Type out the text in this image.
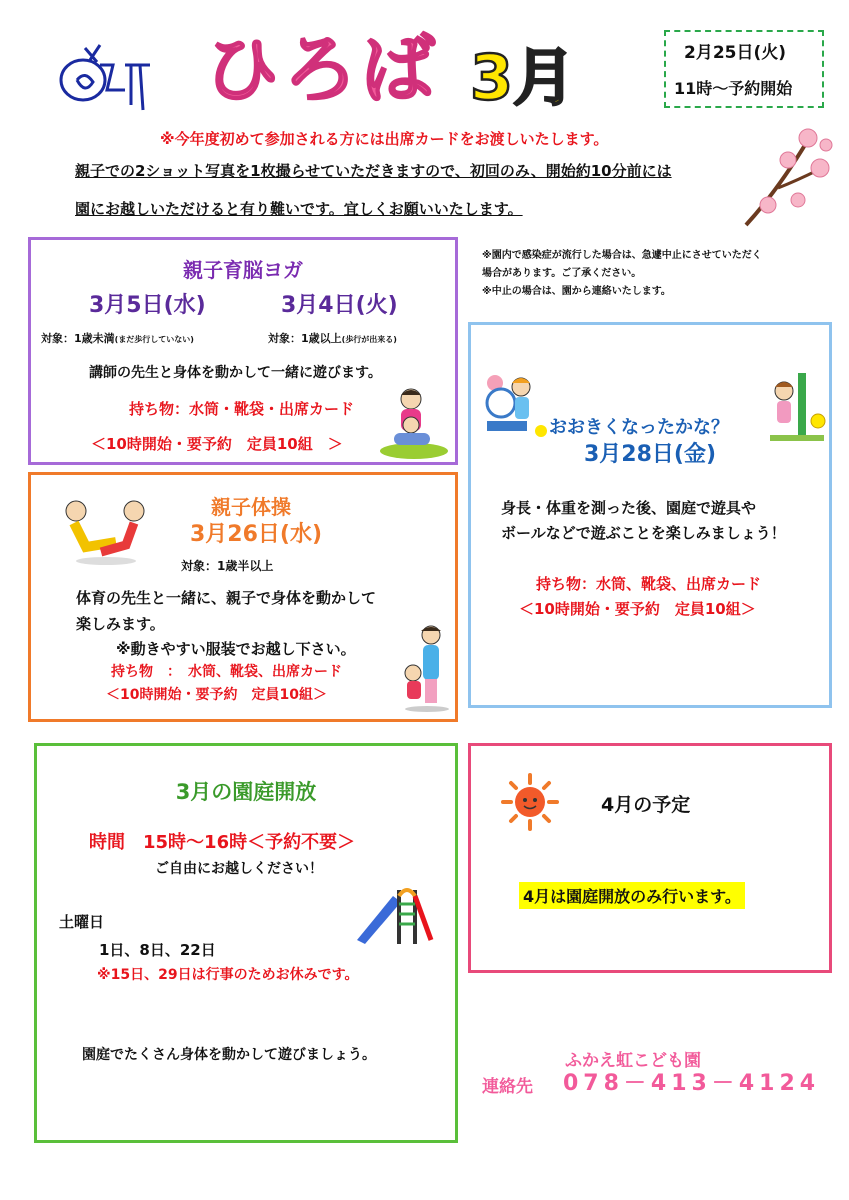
ひろば 3月	2月25日(火)
11時～予約開始
※今年度初めて参加される方には出席カードをお渡しいたします。
親子での2ショット写真を1枚撮らせていただきますので、初回のみ、開始約10分前には
園にお越しいただけると有り難いです。宜しくお願いいたします。
※園内で感染症が流行した場合は、急遽中止にさせていただく
場合があります。ご了承ください。
※中止の場合は、園から連絡いたします。
親子育脳ヨガ
3月5日(水)	3月4日(火)
対象：1歳未満(まだ歩行していない)	対象：1歳以上(歩行が出来る)
講師の先生と身体を動かして一緒に遊びます。
持ち物：水筒・靴袋・出席カード
＜10時開始・要予約　定員10組　＞
親子体操
3月26日(水)
対象：1歳半以上
体育の先生と一緒に、親子で身体を動かして
楽しみます。
※動きやすい服装でお越し下さい。
持ち物　：　水筒、靴袋、出席カード
＜10時開始・要予約　定員10組＞
おおきくなったかな？
3月28日(金)
身長・体重を測った後、園庭で遊具や
ボールなどで遊ぶことを楽しみましょう！
持ち物：水筒、靴袋、出席カード
＜10時開始・要予約　定員10組＞
3月の園庭開放
時間　15時～16時＜予約不要＞
ご自由にお越しください！
土曜日
1日、8日、22日
※15日、29日は行事のためお休みです。
園庭でたくさん身体を動かして遊びましょう。
4月の予定
4月は園庭開放のみ行います。
ふかえ虹こども園
連絡先 078－413－4124
